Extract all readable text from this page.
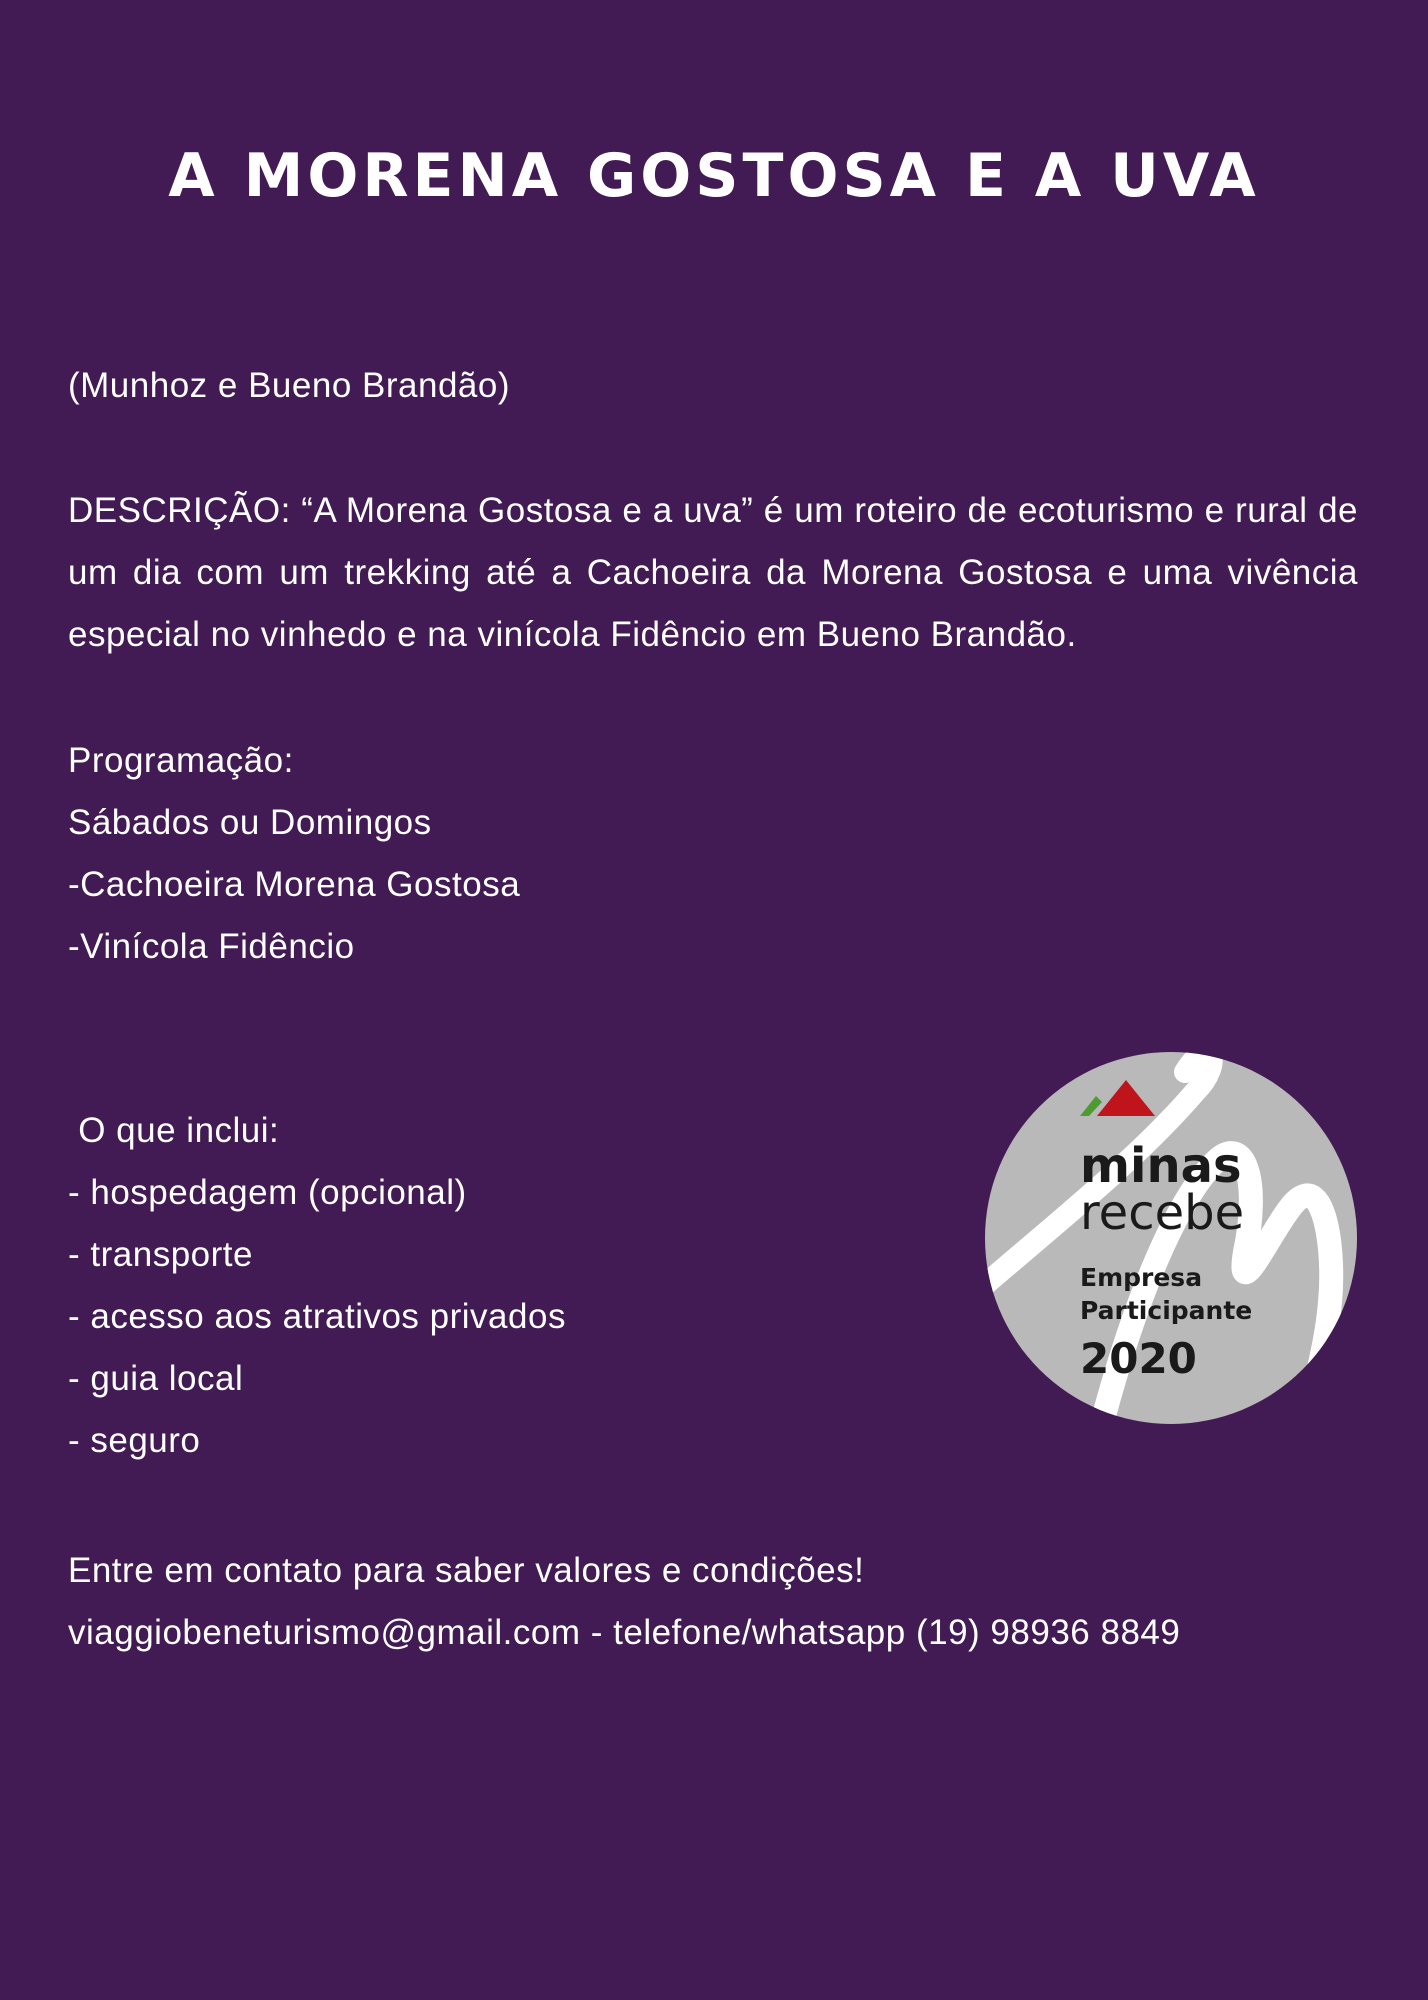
A MORENA GOSTOSA E A UVA
(Munhoz e Bueno Brandão)
DESCRIÇÃO: “A Morena Gostosa e a uva” é um roteiro de ecoturismo e rural de um dia com um trekking até a Cachoeira da Morena Gostosa e uma vivência especial no vinhedo e na vinícola Fidêncio em Bueno Brandão.
Programação:
Sábados ou Domingos
-Cachoeira Morena Gostosa
-Vinícola Fidêncio
O que inclui:
- hospedagem (opcional)
- transporte
- acesso aos atrativos privados
- guia local
- seguro
Entre em contato para saber valores e condições!
viaggiobeneturismo@gmail.com - telefone/whatsapp (19) 98936 8849
minas
recebe
Empresa
Participante
2020
